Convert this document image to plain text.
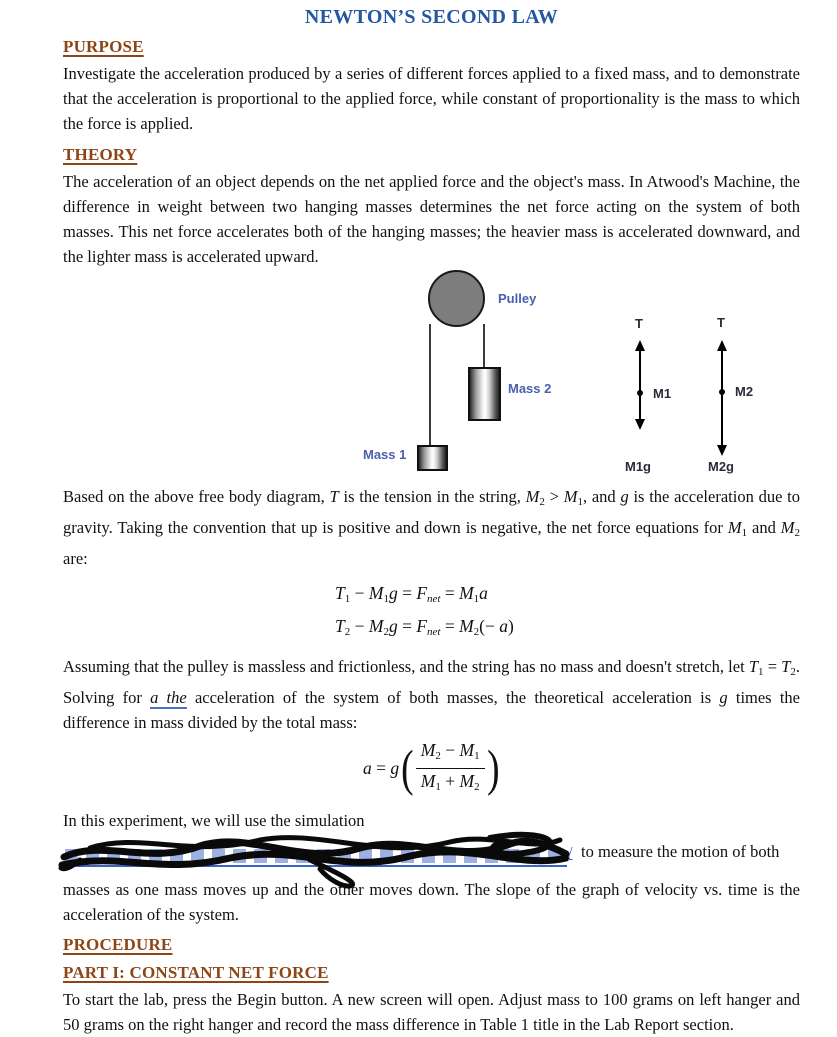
NEWTON’S SECOND LAW
PURPOSE

Investigate the acceleration produced by a series of different forces applied to a fixed mass, and to demonstrate that the acceleration is proportional to the applied force, while constant of proportionality is the mass to which the force is applied.

THEORY

The acceleration of an object depends on the net applied force and the object's mass. In Atwood's Machine, the difference in weight between two hanging masses determines the net force acting on the system of both masses. This net force accelerates both of the hanging masses; the heavier mass is accelerated downward, and the lighter mass is accelerated upward.

Pulley
Mass 2
Mass 1
T
M1
M1g
T
M2
M2g

Based on the above free body diagram, T is the tension in the string, $M_2 > M_1$, and g is the acceleration due to gravity. Taking the convention that up is positive and down is negative, the net force equations for $M_1$ and $M_2$ are:

$T_1 - M_1g = F_{net} = M_1a$
$T_2 - M_2g = F_{net} = M_2(- a)$

Assuming that the pulley is massless and frictionless, and the string has no mass and doesn't stretch, let $T_1 = T_2$. Solving for a the acceleration of the system of both masses, the theoretical acceleration is g times the difference in mass divided by the total mass:

a = g ( $\frac{M_2 - M_1}{M_1 + M_2}$ )

In this experiment, we will use the simulation

/ to measure the motion of both

masses as one mass moves up and the other moves down. The slope of the graph of velocity vs. time is the acceleration of the system.

PROCEDURE
PART I: CONSTANT NET FORCE

To start the lab, press the Begin button. A new screen will open. Adjust mass to 100 grams on left hanger and 50 grams on the right hanger and record the mass difference in Table 1 title in the Lab Report section.
